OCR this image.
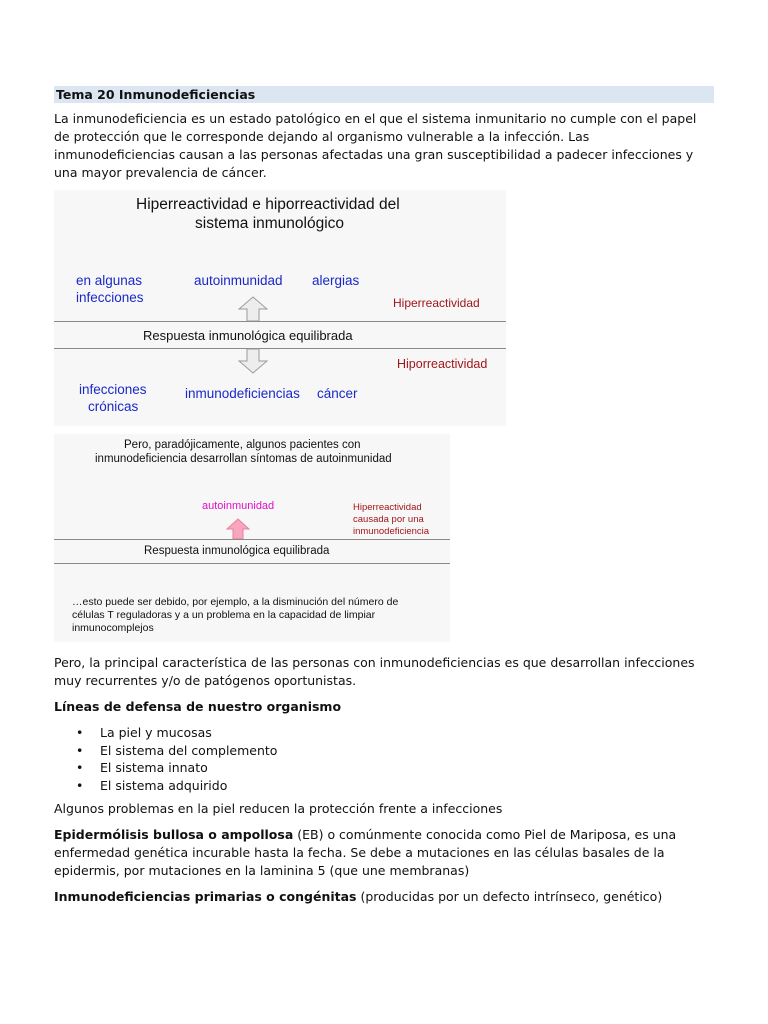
Tema 20 Inmunodeficiencias

La inmunodeficiencia es un estado patológico en el que el sistema inmunitario no cumple con el papel de protección que le corresponde dejando al organismo vulnerable a la infección. Las inmunodeficiencias causan a las personas afectadas una gran susceptibilidad a padecer infecciones y una mayor prevalencia de cáncer.

Hiperreactividad e hiporreactividad del
sistema inmunológico
en algunas
infecciones
autoinmunidad alergias
Hiperreactividad
Respuesta inmunológica equilibrada
Hiporreactividad
infecciones
crónicas
inmunodeficiencias cáncer
Pero, paradójicamente, algunos pacientes con
inmunodeficiencia desarrollan síntomas de autoinmunidad
autoinmunidad	Hiperreactividad
causada por una
inmunodeficiencia
Respuesta inmunológica equilibrada
…esto puede ser debido, por ejemplo, a la disminución del número de
células T reguladoras y a un problema en la capacidad de limpiar
inmunocomplejos

Pero, la principal característica de las personas con inmunodeficiencias es que desarrollan infecciones muy recurrentes y/o de patógenos oportunistas.

Líneas de defensa de nuestro organismo

• La piel y mucosas
• El sistema del complemento
• El sistema innato
• El sistema adquirido

Algunos problemas en la piel reducen la protección frente a infecciones

Epidermólisis bullosa o ampollosa (EB) o comúnmente conocida como Piel de Mariposa, es una enfermedad genética incurable hasta la fecha. Se debe a mutaciones en las células basales de la epidermis, por mutaciones en la laminina 5 (que une membranas)

Inmunodeficiencias primarias o congénitas (producidas por un defecto intrínseco, genético)
